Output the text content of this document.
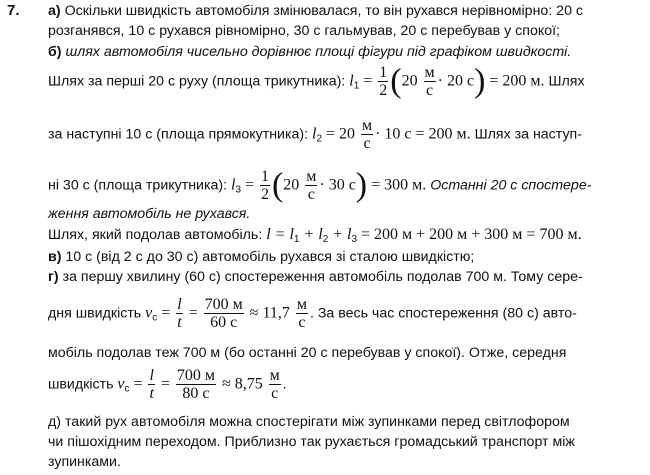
7. а) Оскільки швидкість автомобіля змінювалася, то він рухався нерівномірно: 20 с
розганявся, 10 с рухався рівномірно, 30 с гальмував, 20 с перебував у спокої;
б) шлях автомобіля чисельно дорівнює площі фігури під графіком швидкості.
Шлях за перші 20 с руху (площа трикутника): $l_1 = \frac{1}{2} (20 \frac{м}{с} \cdot 20$ с) = 200 м. Шлях
за наступні 10 с (площа прямокутника): $l_2 = 20 \frac{м}{с} \cdot 10$ с = 200 м. Шлях за наступ-
ні 30 с (площа трикутника): $l_3 = \frac{1}{2} (20 \frac{м}{с} \cdot 30$ с) = 300 м. Останні 20 с спостере-
ження автомобіль не рухався.
Шлях, який подолав автомобіль: $l = l_1 + l_2 + l_3 = 200$ м + 200 м + 300 м = 700 м.
в) 10 с (від 2 с до 30 с) автомобіль рухався зі сталою швидкістю;
г) за першу хвилину (60 с) спостереження автомобіль подолав 700 м. Тому сере-
дня швидкість $v_c = \frac{l}{t} = \frac{700 м}{60 с} \approx 11,7 \frac{м}{с}$ . За весь час спостереження (80 с) авто-
мобіль подолав теж 700 м (бо останні 20 с перебував у спокої). Отже, середня
швидкість $v_c = \frac{l}{t} = \frac{700 м}{80 с} \approx 8,75 \frac{м}{с}$ .
д) такий рух автомобіля можна спостерігати між зупинками перед світлофором
чи пішохідним переходом. Приблизно так рухається громадський транспорт між
зупинками.
